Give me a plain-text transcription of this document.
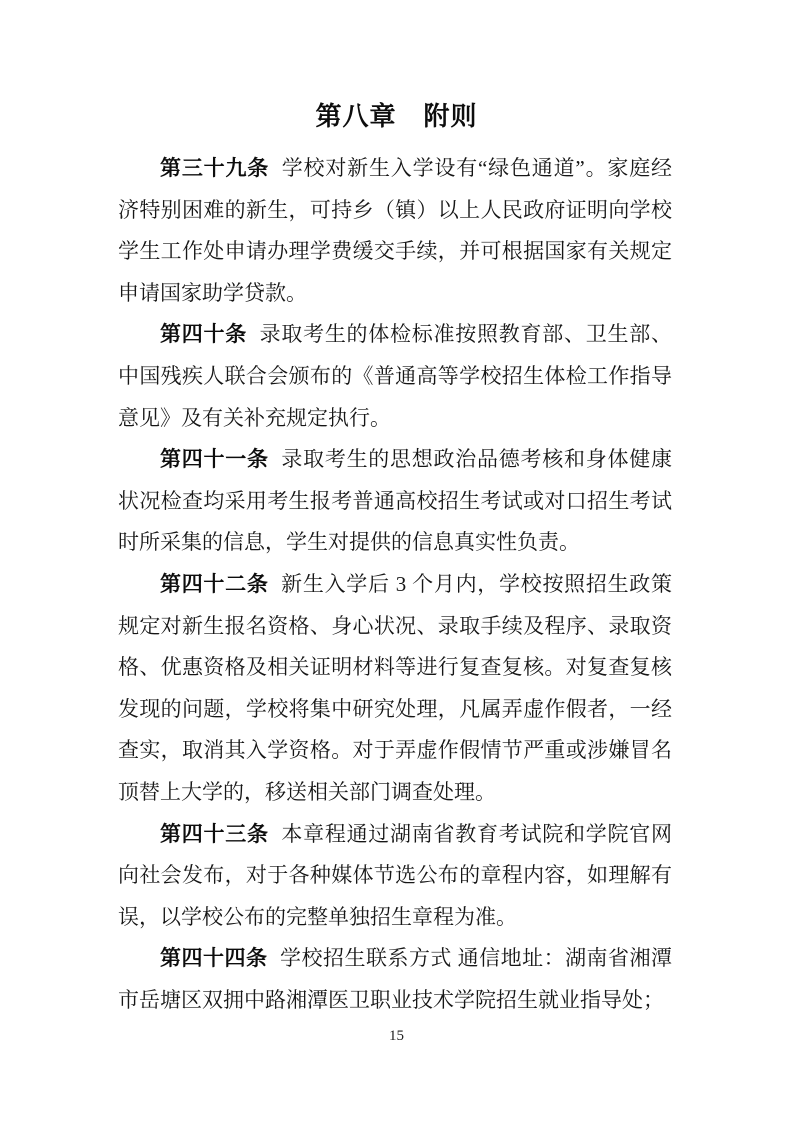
第八章　附则

第三十九条 学校对新生入学设有“绿色通道”。家庭经济特别困难的新生，可持乡（镇）以上人民政府证明向学校学生工作处申请办理学费缓交手续，并可根据国家有关规定申请国家助学贷款。

第四十条 录取考生的体检标准按照教育部、卫生部、中国残疾人联合会颁布的《普通高等学校招生体检工作指导意见》及有关补充规定执行。

第四十一条 录取考生的思想政治品德考核和身体健康状况检查均采用考生报考普通高校招生考试或对口招生考试时所采集的信息，学生对提供的信息真实性负责。

第四十二条 新生入学后 3 个月内，学校按照招生政策规定对新生报名资格、身心状况、录取手续及程序、录取资格、优惠资格及相关证明材料等进行复查复核。对复查复核发现的问题，学校将集中研究处理，凡属弄虚作假者，一经查实，取消其入学资格。对于弄虚作假情节严重或涉嫌冒名顶替上大学的，移送相关部门调查处理。

第四十三条 本章程通过湖南省教育考试院和学院官网向社会发布，对于各种媒体节选公布的章程内容，如理解有误，以学校公布的完整单独招生章程为准。

第四十四条 学校招生联系方式 通信地址：湖南省湘潭市岳塘区双拥中路湘潭医卫职业技术学院招生就业指导处；

15
